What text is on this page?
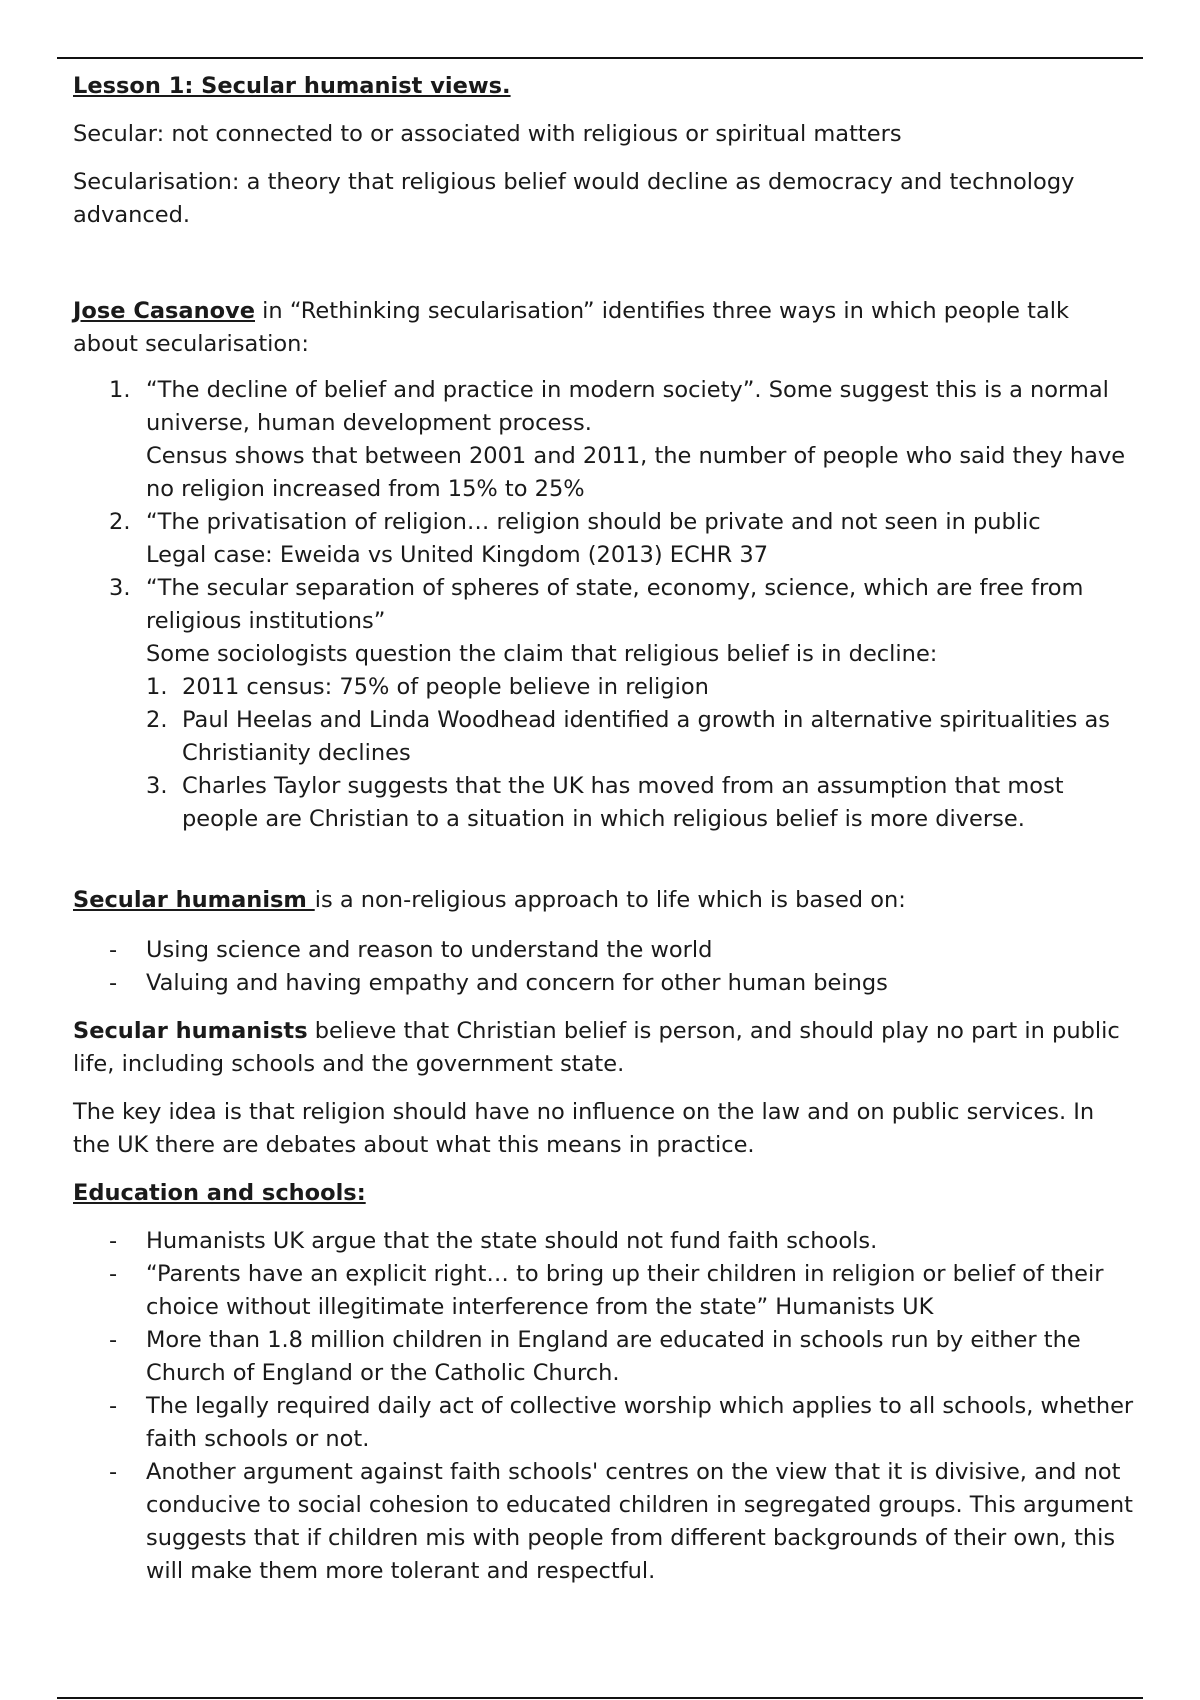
Lesson 1: Secular humanist views.

Secular: not connected to or associated with religious or spiritual matters

Secularisation: a theory that religious belief would decline as democracy and technology advanced.

Jose Casanove in “Rethinking secularisation” identifies three ways in which people talk about secularisation:

1. “The decline of belief and practice in modern society”. Some suggest this is a normal universe, human development process.
Census shows that between 2001 and 2011, the number of people who said they have no religion increased from 15% to 25%
2. “The privatisation of religion… religion should be private and not seen in public
Legal case: Eweida vs United Kingdom (2013) ECHR 37
3. “The secular separation of spheres of state, economy, science, which are free from religious institutions”
Some sociologists question the claim that religious belief is in decline:
1. 2011 census: 75% of people believe in religion
2. Paul Heelas and Linda Woodhead identified a growth in alternative spiritualities as Christianity declines
3. Charles Taylor suggests that the UK has moved from an assumption that most people are Christian to a situation in which religious belief is more diverse.

Secular humanism is a non-religious approach to life which is based on:

- Using science and reason to understand the world
- Valuing and having empathy and concern for other human beings

Secular humanists believe that Christian belief is person, and should play no part in public life, including schools and the government state.

The key idea is that religion should have no influence on the law and on public services. In the UK there are debates about what this means in practice.

Education and schools:

- Humanists UK argue that the state should not fund faith schools.
- “Parents have an explicit right… to bring up their children in religion or belief of their choice without illegitimate interference from the state” Humanists UK
- More than 1.8 million children in England are educated in schools run by either the Church of England or the Catholic Church.
- The legally required daily act of collective worship which applies to all schools, whether faith schools or not.
- Another argument against faith schools' centres on the view that it is divisive, and not conducive to social cohesion to educated children in segregated groups. This argument suggests that if children mis with people from different backgrounds of their own, this will make them more tolerant and respectful.
